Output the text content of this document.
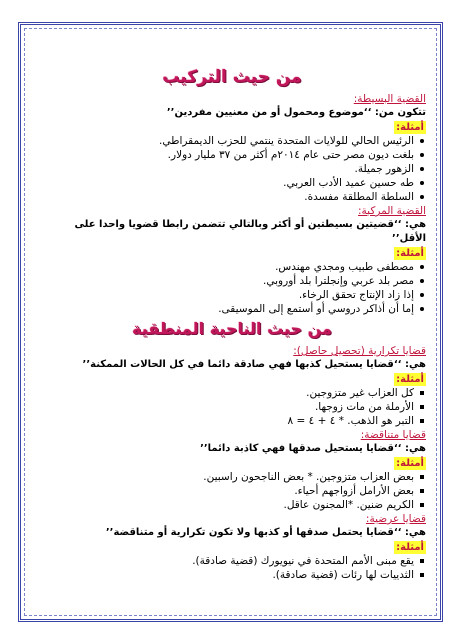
من حيث التركيب
القضية البسيطة:
تتكون من: ‘‘موضوع ومحمول أو من معنيين مفردين’’
أمثلة:
الرئيس الحالي للولايات المتحدة ينتمي للحزب الديمقراطي.
بلغت ديون مصر حتى عام ٢٠١٤م أكثر من ٣٧ مليار دولار.
الزهور جميلة.
طه حسين عميد الأدب العربي.
السلطة المطلقة مفسدة.
القضية المركبة:
هي: ‘‘قضيتين بسيطتين أو أكثر وبالتالي تتضمن رابطا قضويا واحدا على الأقل’’
أمثلة:
مصطفى طبيب ومجدي مهندس.
مصر بلد عربي وإنجلترا بلد أوروبي.
إذا زاد الإنتاج تحقق الرخاء.
إما أن أذاكر دروسي أو أستمع إلى الموسيقى.
من حيث الناحية المنطقية
قضايا تكرارية (تحصيل حاصل):
هي: ‘‘قضايا يستحيل كذبها فهي صادقة دائما في كل الحالات الممكنة’’
أمثلة:
كل العزاب غير متزوجين.
الأرملة من مات زوجها.
التبر هو الذهب. * ٤ + ٤ = ٨
قضايا متناقضة:
هي: ‘‘قضايا يستحيل صدقها فهي كاذبة دائما’’
أمثلة:
بعض العزاب متزوجين. * بعض الناجحون راسبين.
بعض الأرامل أزواجهم أحياء.
الكريم ضنين. *المجنون عاقل.
قضايا عرضية:
هي: ‘‘قضايا يحتمل صدقها أو كذبها ولا تكون تكرارية أو متناقضة’’
أمثلة:
يقع مبنى الأمم المتحدة في نيويورك (قضية صادقة).
الثدييات لها رئات (قضية صادقة).
